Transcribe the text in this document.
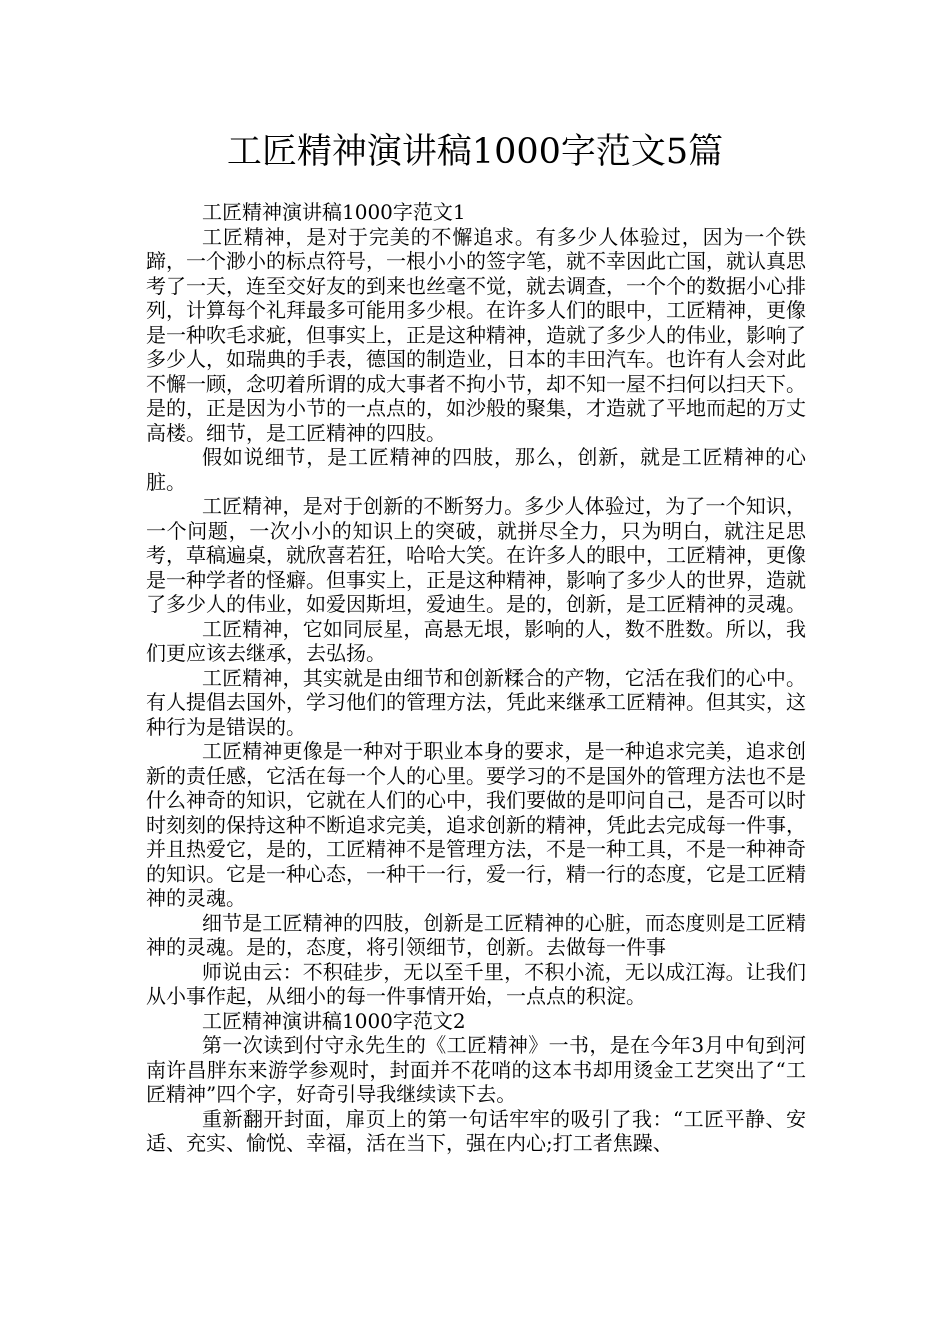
工匠精神演讲稿1000字范文5篇

工匠精神演讲稿1000字范文1

工匠精神，是对于完美的不懈追求。有多少人体验过，因为一个铁蹄，一个渺小的标点符号，一根小小的签字笔，就不幸因此亡国，就认真思考了一天，连至交好友的到来也丝毫不觉，就去调查，一个个的数据小心排列，计算每个礼拜最多可能用多少根。在许多人们的眼中，工匠精神，更像是一种吹毛求疵，但事实上，正是这种精神，造就了多少人的伟业，影响了多少人，如瑞典的手表，德国的制造业，日本的丰田汽车。也许有人会对此不懈一顾，念叨着所谓的成大事者不拘小节，却不知一屋不扫何以扫天下。是的，正是因为小节的一点点的，如沙般的聚集，才造就了平地而起的万丈高楼。细节，是工匠精神的四肢。

假如说细节，是工匠精神的四肢，那么，创新，就是工匠精神的心脏。

工匠精神，是对于创新的不断努力。多少人体验过，为了一个知识，一个问题，一次小小的知识上的突破，就拼尽全力，只为明白，就注足思考，草稿遍桌，就欣喜若狂，哈哈大笑。在许多人的眼中，工匠精神，更像是一种学者的怪癖。但事实上，正是这种精神，影响了多少人的世界，造就了多少人的伟业，如爱因斯坦，爱迪生。是的，创新，是工匠精神的灵魂。

工匠精神，它如同辰星，高悬无垠，影响的人，数不胜数。所以，我们更应该去继承，去弘扬。

工匠精神，其实就是由细节和创新糅合的产物，它活在我们的心中。有人提倡去国外，学习他们的管理方法，凭此来继承工匠精神。但其实，这种行为是错误的。

工匠精神更像是一种对于职业本身的要求，是一种追求完美，追求创新的责任感，它活在每一个人的心里。要学习的不是国外的管理方法也不是什么神奇的知识，它就在人们的心中，我们要做的是叩问自己，是否可以时时刻刻的保持这种不断追求完美，追求创新的精神，凭此去完成每一件事，并且热爱它，是的，工匠精神不是管理方法，不是一种工具，不是一种神奇的知识。它是一种心态，一种干一行，爱一行，精一行的态度，它是工匠精神的灵魂。

细节是工匠精神的四肢，创新是工匠精神的心脏，而态度则是工匠精神的灵魂。是的，态度，将引领细节，创新。去做每一件事

师说由云：不积硅步，无以至千里，不积小流，无以成江海。让我们从小事作起，从细小的每一件事情开始，一点点的积淀。

工匠精神演讲稿1000字范文2

第一次读到付守永先生的《工匠精神》一书，是在今年3月中旬到河南许昌胖东来游学参观时，封面并不花哨的这本书却用烫金工艺突出了“工匠精神”四个字，好奇引导我继续读下去。

重新翻开封面，扉页上的第一句话牢牢的吸引了我：“工匠平静、安适、充实、愉悦、幸福，活在当下，强在内心;打工者焦躁、
